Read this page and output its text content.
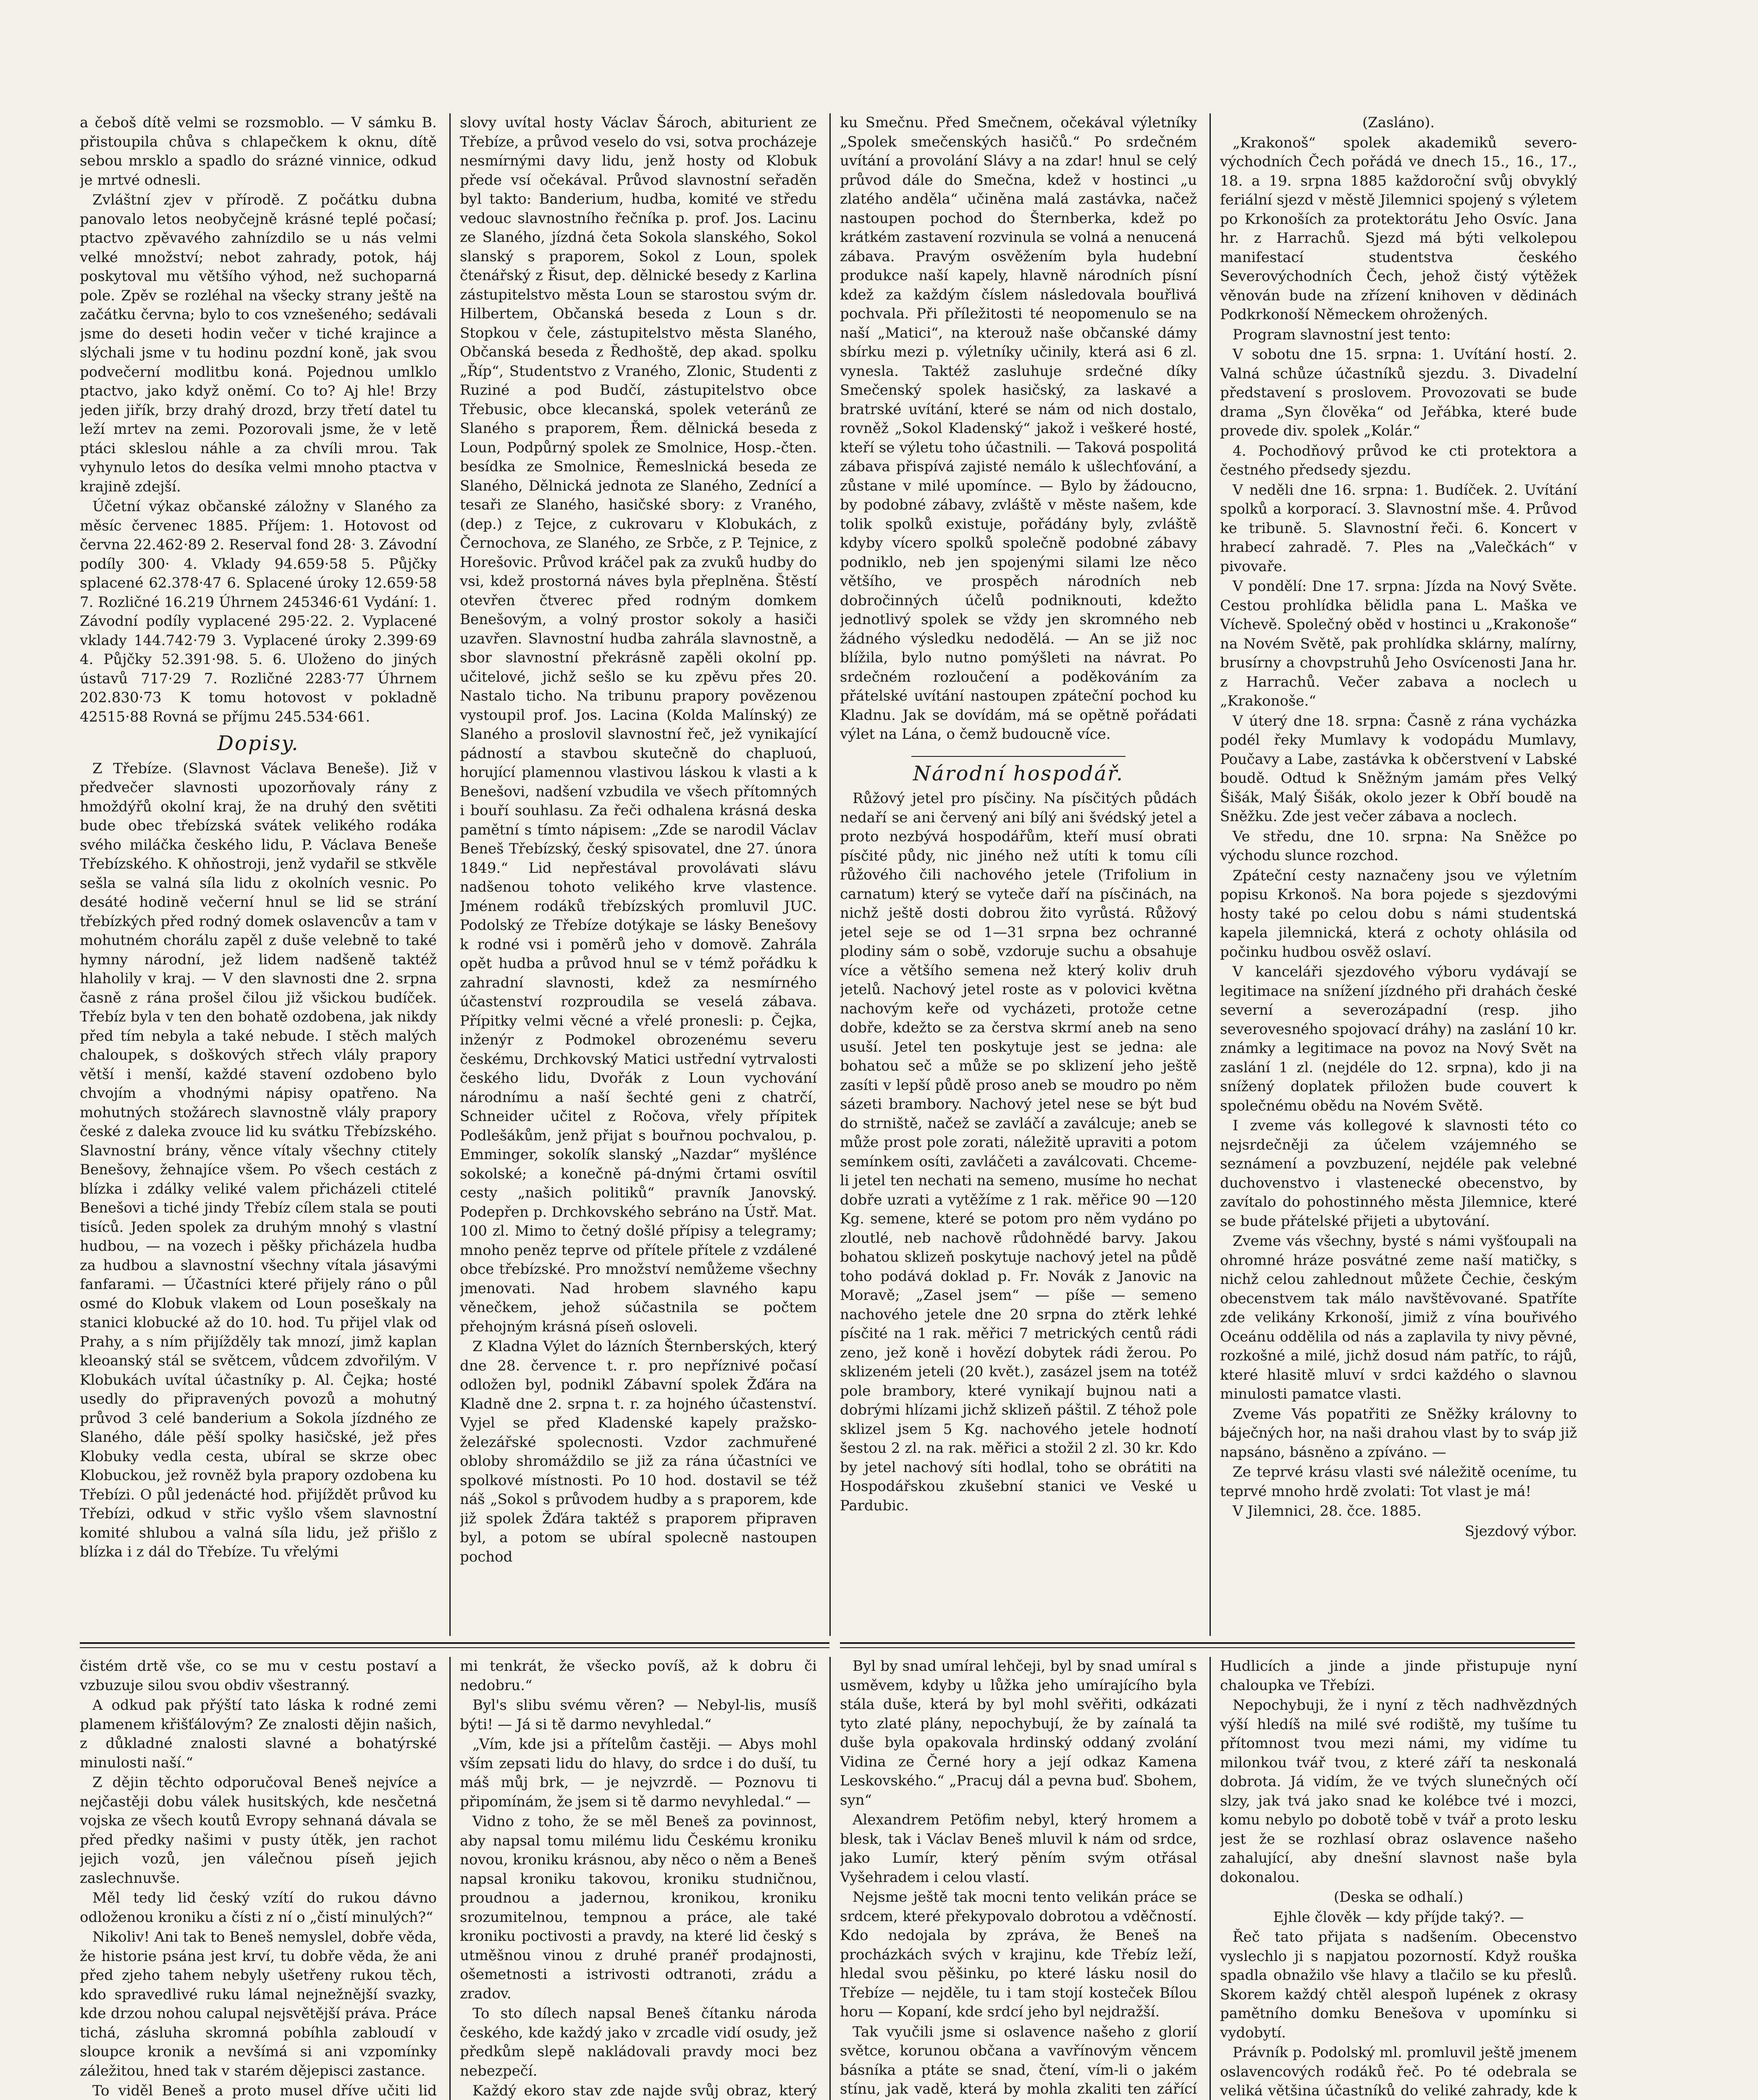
a čeboš dítě velmi se rozsmoblo. — V sámku B. přistoupila chůva s chlapečkem k oknu, dítě sebou mrsklo a spadlo do srázné vinnice, odkud je mrtvé odnesli.

Zvláštní zjev v přírodě. Z počátku dubna panovalo letos neobyčejně krásné teplé počasí; ptactvo zpěvavého zahnízdilo se u nás velmi velké množství; nebot zahrady, potok, háj poskytoval mu většího výhod, než suchoparná pole. Zpěv se rozléhal na všecky strany ještě na začátku června; bylo to cos vznešeného; sedávali jsme do deseti hodin večer v tiché krajince a slýchali jsme v tu hodinu pozdní koně, jak svou podvečerní modlitbu koná. Pojednou umlklo ptactvo, jako když oněmí. Co to? Aj hle! Brzy jeden jiřík, brzy drahý drozd, brzy třetí datel tu leží mrtev na zemi. Pozorovali jsme, že v letě ptáci skleslou náhle a za chvíli mrou. Tak vyhynulo letos do desíka velmi mnoho ptactva v krajině zdejší.

Účetní výkaz občanské záložny v Slaného za měsíc červenec 1885. Příjem: 1. Hotovost od června 22.462·89 2. Reserval fond 28· 3. Závodní podíly 300· 4. Vklady 94.659·58 5. Půjčky splacené 62.378·47 6. Splacené úroky 12.659·58 7. Rozličné 16.219 Úhrnem 245346·61 Vydání: 1. Závodní podíly vyplacené 295·22. 2. Vyplacené vklady 144.742·79 3. Vyplacené úroky 2.399·69 4. Půjčky 52.391·98. 5. 6. Uloženo do jiných ústavů 717·29 7. Rozličné 2283·77 Úhrnem 202.830·73 K tomu hotovost v pokladně 42515·88 Rovná se příjmu 245.534·661.

Dopisy.

Z Třebíze. (Slavnost Václava Beneše). Již v předvečer slavnosti upozorňovaly rány z hmoždýřů okolní kraj, že na druhý den světiti bude obec třebízská svátek velikého rodáka svého miláčka českého lidu, P. Václava Beneše Třebízského. K ohňostroji, jenž vydařil se stkvěle sešla se valná síla lidu z okolních vesnic. Po desáté hodině večerní hnul se lid se strání třebízkých před rodný domek oslavencův a tam v mohutném chorálu zapěl z duše velebně to také hymny národní, jež lidem nadšeně taktéž hlaholily v kraj. — V den slavnosti dne 2. srpna časně z rána prošel čilou již všickou budíček. Třebíz byla v ten den bohatě ozdobena, jak nikdy před tím nebyla a také nebude. I stěch malých chaloupek, s doškových střech vlály prapory větší i menší, každé stavení ozdobeno bylo chvojím a vhodnými nápisy opatřeno. Na mohutných stožárech slavnostně vlály prapory české z daleka zvouce lid ku svátku Třebízského. Slavnostní brány, věnce vítaly všechny ctitely Benešovy, žehnajíce všem. Po všech cestách z blízka i zdálky veliké valem přicházeli ctitelé Benešovi a tiché jindy Třebíz cílem stala se pouti tisíců. Jeden spolek za druhým mnohý s vlastní hudbou, — na vozech i pěšky přicházela hudba za hudbou a slavnostní všechny vítala jásavými fanfarami. — Účastníci které přijely ráno o půl osmé do Klobuk vlakem od Loun poseškaly na stanici klobucké až do 10. hod. Tu přijel vlak od Prahy, a s ním přijížděly tak mnozí, jimž kaplan kleoanský stál se světcem, vůdcem zdvořilým. V Klobukách uvítal účastníky p. Al. Čejka; hosté usedly do připravených povozů a mohutný průvod 3 celé banderium a Sokola jízdného ze Slaného, dále pěší spolky hasičské, jež přes Klobuky vedla cesta, ubíral se skrze obec Klobuckou, jež rovněž byla prapory ozdobena ku Třebízi. O půl jedenácté hod. přijíždět průvod ku Třebízi, odkud v střic vyšlo všem slavnostní komité shlubou a valná síla lidu, jež přišlo z blízka i z dál do Třebíze. Tu vřelými

slovy uvítal hosty Václav Šároch, abiturient ze Třebíze, a průvod veselo do vsi, sotva procházeje nesmírnými davy lidu, jenž hosty od Klobuk přede vsí očekával. Průvod slavnostní seřaděn byl takto: Banderium, hudba, komité ve středu vedouc slavnostního řečníka p. prof. Jos. Lacinu ze Slaného, jízdná četa Sokola slanského, Sokol slanský s praporem, Sokol z Loun, spolek čtenářský z Řisut, dep. dělnické besedy z Karlina zástupitelstvo města Loun se starostou svým dr. Hilbertem, Občanská beseda z Loun s dr. Stopkou v čele, zástupitelstvo města Slaného, Občanská beseda z Ředhoště, dep akad. spolku „Říp“, Studentstvo z Vraného, Zlonic, Studenti z Ruziné a pod Budčí, zástupitelstvo obce Třebusic, obce klecanská, spolek veteránů ze Slaného s praporem, Řem. dělnická beseda z Loun, Podpůrný spolek ze Smolnice, Hosp.-čten. besídka ze Smolnice, Řemeslnická beseda ze Slaného, Dělnická jednota ze Slaného, Zednící a tesaři ze Slaného, hasičské sbory: z Vraného, (dep.) z Tejce, z cukrovaru v Klobukách, z Černochova, ze Slaného, ze Srbče, z P. Tejnice, z Horešovic. Průvod kráčel pak za zvuků hudby do vsi, kdež prostorná náves byla přeplněna. Štěstí otevřen čtverec před rodným domkem Benešovým, a volný prostor sokoly a hasiči uzavřen. Slavnostní hudba zahrála slavnostně, a sbor slavnostní překrásně zapěli okolní pp. učitelové, jichž sešlo se ku zpěvu přes 20. Nastalo ticho. Na tribunu prapory povězenou vystoupil prof. Jos. Lacina (Kolda Malínský) ze Slaného a proslovil slavnostní řeč, jež vynikající pádností a stavbou skutečně do chapluoú, horující plamennou vlastivou láskou k vlasti a k Benešovi, nadšení vzbudila ve všech přítomných i bouří souhlasu. Za řeči odhalena krásná deska pamětní s tímto nápisem: „Zde se narodil Václav Beneš Třebízský, český spisovatel, dne 27. února 1849.“ Lid nepřestával provolávati slávu nadšenou tohoto velikého krve vlastence. Jménem rodáků třebízských promluvil JUC. Podolský ze Třebíze dotýkaje se lásky Benešovy k rodné vsi i poměrů jeho v domově. Zahrála opět hudba a průvod hnul se v témž pořádku k zahradní slavnosti, kdež za nesmírného účastenství rozproudila se veselá zábava. Přípitky velmi věcné a vřelé pronesli: p. Čejka, inženýr z Podmokel obrozenému severu českému, Drchkovský Matici ustřední vytrvalosti českého lidu, Dvořák z Loun vychování národnímu a naší šechté geni z chatrčí, Schneider učitel z Ročova, vřely přípitek Podlešákům, jenž přijat s bouřnou pochvalou, p. Emminger, sokolík slanský „Nazdar“ myšlénce sokolské; a konečně pá-dnými črtami osvítil cesty „našich politiků“ pravník Janovský. Podepřen p. Drchkovského sebráno na Ústř. Mat. 100 zl. Mimo to četný došlé přípisy a telegramy; mnoho peněz teprve od přítele přítele z vzdálené obce třebízské. Pro množství nemůžeme všechny jmenovati. Nad hrobem slavného kapu věnečkem, jehož súčastnila se počtem přehojným krásná píseň osloveli.

Z Kladna Výlet do lázních Šternberských, který dne 28. července t. r. pro nepříznivé počasí odložen byl, podnikl Zábavní spolek Žďára na Kladně dne 2. srpna t. r. za hojného účastenství. Vyjel se před Kladenské kapely pražsko-železářské spolecnosti. Vzdor zachmuřené obloby shromáždilo se již za rána účastníci ve spolkové místnosti. Po 10 hod. dostavil se též náš „Sokol s průvodem hudby a s praporem, kde již spolek Žďára taktéž s praporem připraven byl, a potom se ubíral spolecně nastoupen pochod

ku Smečnu. Před Smečnem, očekával výletníky „Spolek smečenských hasičů.“ Po srdečném uvítání a provolání Slávy a na zdar! hnul se celý průvod dále do Smečna, kdež v hostinci „u zlatého anděla“ učiněna malá zastávka, načež nastoupen pochod do Šternberka, kdež po krátkém zastavení rozvinula se volná a nenucená zábava. Pravým osvěžením byla hudební produkce naší kapely, hlavně národních písní kdež za každým číslem následovala bouřlivá pochvala. Při příležitosti té neopomenulo se na naší „Matici“, na kterouž naše občanské dámy sbírku mezi p. výletníky učinily, která asi 6 zl. vynesla. Taktéž zasluhuje srdečné díky Smečenský spolek hasičský, za laskavé a bratrské uvítání, které se nám od nich dostalo, rovněž „Sokol Kladenský“ jakož i veškeré hosté, kteří se výletu toho účastnili. — Taková pospolitá zábava přispívá zajisté nemálo k ušlechťování, a zůstane v milé upomínce. — Bylo by žádoucno, by podobné zábavy, zvláště v měste našem, kde tolik spolků existuje, pořádány byly, zvláště kdyby vícero spolků společně podobné zábavy podniklo, neb jen spojenými silami lze něco většího, ve prospěch národních neb dobročinných účelů podniknouti, kdežto jednotlivý spolek se vždy jen skromného neb žádného výsledku nedodělá. — An se již noc blížila, bylo nutno pomýšleti na návrat. Po srdečném rozloučení a poděkováním za přátelské uvítání nastoupen zpáteční pochod ku Kladnu. Jak se dovídám, má se opětně pořádati výlet na Lána, o čemž budoucně více.

Národní hospodář.

Růžový jetel pro písčiny. Na písčitých půdách nedaří se ani červený ani bílý ani švédský jetel a proto nezbývá hospodářům, kteří musí obrati písčité půdy, nic jiného než utíti k tomu cíli růžového čili nachového jetele (Trifolium in carnatum) který se vyteče daří na písčinách, na nichž ještě dosti dobrou žito vyrůstá. Růžový jetel seje se od 1—31 srpna bez ochranné plodiny sám o sobě, vzdoruje suchu a obsahuje více a většího semena než který koliv druh jetelů. Nachový jetel roste as v polovici května nachovým keře od vycházeti, protože cetne dobře, kdežto se za čerstva skrmí aneb na seno usuší. Jetel ten poskytuje jest se jedna: ale bohatou seč a může se po sklizení jeho ještě zasíti v lepší půdě proso aneb se moudro po něm sázeti brambory. Nachový jetel nese se být bud do strniště, načež se zavláčí a zaválcuje; aneb se může prost pole zorati, náležitě upraviti a potom semínkem osíti, zavláčeti a zaválcovati. Chceme-li jetel ten nechati na semeno, musíme ho nechat dobře uzrati a vytěžíme z 1 rak. měřice 90 —120 Kg. semene, které se potom pro něm vydáno po zloutlé, neb nachově růdohnědé barvy. Jakou bohatou sklizeň poskytuje nachový jetel na půdě toho podává doklad p. Fr. Novák z Janovic na Moravě; „Zasel jsem“ — píše — semeno nachového jetele dne 20 srpna do ztěrk lehké písčité na 1 rak. měřici 7 metrických centů rádi zeno, jež koně i hovězí dobytek rádi žerou. Po sklizeném jeteli (20 květ.), zasázel jsem na totéž pole brambory, které vynikají bujnou nati a dobrými hlízami jichž sklizeň páštil. Z téhož pole sklizel jsem 5 Kg. nachového jetele hodnotí šestou 2 zl. na rak. měřici a stožil 2 zl. 30 kr. Kdo by jetel nachový síti hodlal, toho se obrátiti na Hospodářskou zkušební stanici ve Veské u Pardubic.

(Zasláno).

„Krakonoš“ spolek akademiků severo-východních Čech pořádá ve dnech 15., 16., 17., 18. a 19. srpna 1885 každoroční svůj obvyklý feriální sjezd v městě Jilemnici spojený s výletem po Krkonoších za protektorátu Jeho Osvíc. Jana hr. z Harrachů. Sjezd má býti velkolepou manifestací studentstva českého Severovýchodních Čech, jehož čistý výtěžek věnován bude na zřízení knihoven v dědinách Podkrkonoší Německem ohrožených.

Program slavnostní jest tento:

V sobotu dne 15. srpna: 1. Uvítání hostí. 2. Valná schůze účastníků sjezdu. 3. Divadelní představení s proslovem. Provozovati se bude drama „Syn člověka“ od Jeřábka, které bude provede div. spolek „Kolár.“

4. Pochodňový průvod ke cti protektora a čestného předsedy sjezdu.

V neděli dne 16. srpna: 1. Budíček. 2. Uvítání spolků a korporací. 3. Slavnostní mše. 4. Průvod ke tribuně. 5. Slavnostní řeči. 6. Koncert v hrabecí zahradě. 7. Ples na „Valečkách“ v pivovaře.

V pondělí: Dne 17. srpna: Jízda na Nový Světe. Cestou prohlídka bělidla pana L. Maška ve Víchevě. Společný oběd v hostinci u „Krakonoše“ na Novém Světě, pak prohlídka sklárny, malírny, brusírny a chovpstruhů Jeho Osvícenosti Jana hr. z Harrachů. Večer zabava a noclech u „Krakonoše.“

V úterý dne 18. srpna: Časně z rána vycházka podél řeky Mumlavy k vodopádu Mumlavy, Poučavy a Labe, zastávka k občerstvení v Labské boudě. Odtud k Sněžným jamám přes Velký Šišák, Malý Šišák, okolo jezer k Obří boudě na Sněžku. Zde jest večer zábava a noclech.

Ve středu, dne 10. srpna: Na Sněžce po východu slunce rozchod.

Zpáteční cesty naznačeny jsou ve výletním popisu Krkonoš. Na bora pojede s sjezdovými hosty také po celou dobu s námi studentská kapela jilemnická, která z ochoty ohlásila od počinku hudbou osvěž oslaví.

V kanceláři sjezdového výboru vydávají se legitimace na snížení jízdného při drahách české severní a severozápadní (resp. jiho severovesného spojovací dráhy) na zaslání 10 kr. známky a legitimace na povoz na Nový Svět na zaslání 1 zl. (nejdéle do 12. srpna), kdo ji na snížený doplatek přiložen bude couvert k společnému obědu na Novém Světě.

I zveme vás kollegové k slavnosti této co nejsrdečněji za účelem vzájemného se seznámení a povzbuzení, nejdéle pak velebné duchovenstvo i vlastenecké obecenstvo, by zavítalo do pohostinného města Jilemnice, které se bude přátelské přijeti a ubytování.

Zveme vás všechny, bysté s námi vyšťoupali na ohromné hráze posvátné zeme naší matičky, s nichž celou zahlednout můžete Čechie, českým obecenstvem tak málo navštěvované. Spatříte zde velikány Krkonoší, jimiž z vína bouřivého Oceánu oddělila od nás a zaplavila ty nivy pěvné, rozkošné a milé, jichž dosud nám patříc, to rájů, které hlasitě mluví v srdci každého o slavnou minulosti pamatce vlasti.

Zveme Vás popatřiti ze Sněžky královny to báječných hor, na naši drahou vlast by to sváp již napsáno, básněno a zpíváno. —

Ze teprvé krásu vlasti své náležitě oceníme, tu teprvé mnoho hrdě zvolati: Tot vlast je má!

V Jilemnici, 28. čce. 1885.

Sjezdový výbor.

čistém drtě vše, co se mu v cestu postaví a vzbuzuje silou svou obdiv všestranný.

A odkud pak přýští tato láska k rodné zemi plamenem křišťálovým? Ze znalosti dějin našich, z důkladné znalosti slavné a bohatýrské minulosti naší.“

Z dějin těchto odporučoval Beneš nejvíce a nejčastěji dobu válek husitských, kde nesčetná vojska ze všech koutů Evropy sehnaná dávala se před předky našimi v pusty útěk, jen rachot jejich vozů, jen válečnou píseň jejich zaslechnuvše.

Měl tedy lid český vzítí do rukou dávno odloženou kroniku a čísti z ní o „čistí minulých?“

Nikoliv! Ani tak to Beneš nemyslel, dobře věda, že historie psána jest krví, tu dobře věda, že ani před zjeho tahem nebyly ušetřeny rukou těch, kdo spravedlivé ruku lámal nejnežnější svazky, kde drzou nohou calupal nejsvětější práva. Práce tichá, zásluha skromná pobíhla zabloudí v sloupce kronik a nevšímá si ani vzpomínky záležitou, hned tak v starém dějepisci zastance.

To viděl Beneš a proto musel dříve učiti lid

mi tenkrát, že všecko povíš, až k dobru či nedobru.“

Byl's slibu svému věren? — Nebyl-lis, musíš býti! — Já si tě darmo nevyhledal.“

„Vím, kde jsi a přítelům častěji. — Abys mohl vším zepsati lidu do hlavy, do srdce i do duší, tu máš můj brk, — je nejvzrdě. — Poznovu ti připomínám, že jsem si tě darmo nevyhledal.“ —

Vidno z toho, že se měl Beneš za povinnost, aby napsal tomu milému lidu Českému kroniku novou, kroniku krásnou, aby něco o něm a Beneš napsal kroniku takovou, kroniku studničnou, proudnou a jadernou, kronikou, kroniku srozumitelnou, tempnou a práce, ale také kroniku poctivosti a pravdy, na které lid český s utměšnou vinou z druhé pranéř prodajnosti, ošemetnosti a istrivosti odtranoti, zrádu a zradov.

To sto dílech napsal Beneš čítanku národa českého, kde každý jako v zrcadle vidí osudy, jež předkům slepě nakládovali pravdy moci bez nebezpečí.

Každý ekoro stav zde najde svůj obraz, který

Byl by snad umíral lehčeji, byl by snad umíral s usměvem, kdyby u lůžka jeho umírajícího byla stála duše, která by byl mohl svěřiti, odkázati tyto zlaté plány, nepochybují, že by zaínalá ta duše byla opakovala hrdinský oddaný zvolání Vidina ze Černé hory a její odkaz Kamena Leskovského.“ „Pracuj dál a pevna buď. Sbohem, syn“

Alexandrem Petöfim nebyl, který hromem a blesk, tak i Václav Beneš mluvil k nám od srdce, jako Lumír, který pěním svým otřásal Vyšehradem i celou vlastí.

Nejsme ještě tak mocni tento velikán práce se srdcem, které překypovalo dobrotou a vděčností. Kdo nedojala by zpráva, že Beneš na procházkách svých v krajinu, kde Třebíz leží, hledal svou pěšinku, po které lásku nosil do Třebíze — nejděle, tu i tam stojí kosteček Bílou horu — Kopaní, kde srdcí jeho byl nejdražší.

Tak vyučili jsme si oslavence našeho z glorií světce, korunou občana a vavřínovým věncem básníka a ptáte se snad, čtení, vím-li o jakém stínu, jak vadě, která by mohla zkaliti ten zářící

Hudlicích a jinde a jinde přistupuje nyní chaloupka ve Třebízi.

Nepochybuji, že i nyní z těch nadhvězdných výší hledíš na milé své rodiště, my tušíme tu přítomnost tvou mezi námi, my vidíme tu milonkou tvář tvou, z které září ta neskonalá dobrota. Já vidím, že ve tvých slunečných očí slzy, jak tvá jako snad ke kolébce tvé i mozci, komu nebylo po dobotě tobě v tvář a proto lesku jest že se rozhlasí obraz oslavence našeho zahalující, aby dnešní slavnost naše byla dokonalou.

(Deska se odhalí.)

Ejhle člověk — kdy příjde taký?. —

Řeč tato přijata s nadšením. Obecenstvo vyslechlo ji s napjatou pozorností. Když rouška spadla obnažilo vše hlavy a tlačilo se ku přeslů. Skorem každý chtěl alespoň lupének z okrasy pamětního domku Benešova v upomínku si vydobytí.

Právník p. Podolský ml. promluvil ještě jmenem oslavencových rodáků řeč. Po té odebrala se veliká většina účastníků do veliké zahrady, kde k
